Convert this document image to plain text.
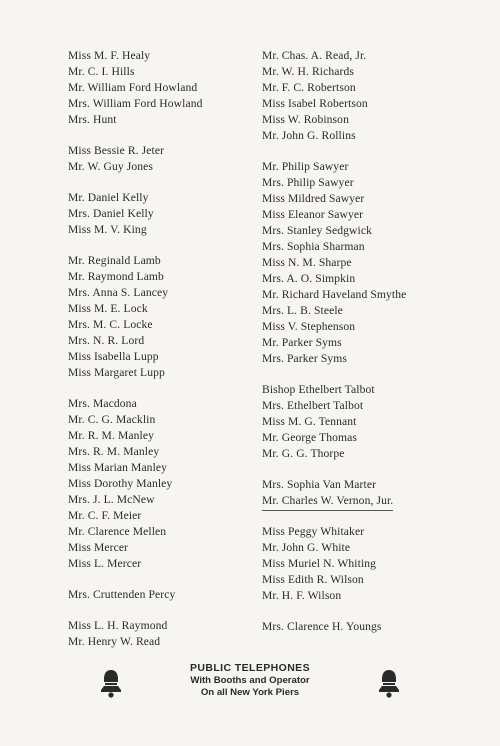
Miss M. F. Healy
Mr. C. I. Hills
Mr. William Ford Howland
Mrs. William Ford Howland
Mrs. Hunt
Miss Bessie R. Jeter
Mr. W. Guy Jones
Mr. Daniel Kelly
Mrs. Daniel Kelly
Miss M. V. King
Mr. Reginald Lamb
Mr. Raymond Lamb
Mrs. Anna S. Lancey
Miss M. E. Lock
Mrs. M. C. Locke
Mrs. N. R. Lord
Miss Isabella Lupp
Miss Margaret Lupp
Mrs. Macdona
Mr. C. G. Macklin
Mr. R. M. Manley
Mrs. R. M. Manley
Miss Marian Manley
Miss Dorothy Manley
Mrs. J. L. McNew
Mr. C. F. Meier
Mr. Clarence Mellen
Miss Mercer
Miss L. Mercer
Mrs. Cruttenden Percy
Miss L. H. Raymond
Mr. Henry W. Read
Mr. Chas. A. Read, Jr.
Mr. W. H. Richards
Mr. F. C. Robertson
Miss Isabel Robertson
Miss W. Robinson
Mr. John G. Rollins
Mr. Philip Sawyer
Mrs. Philip Sawyer
Miss Mildred Sawyer
Miss Eleanor Sawyer
Mrs. Stanley Sedgwick
Mrs. Sophia Sharman
Miss N. M. Sharpe
Mrs. A. O. Simpkin
Mr. Richard Haveland Smythe
Mrs. L. B. Steele
Miss V. Stephenson
Mr. Parker Syms
Mrs. Parker Syms
Bishop Ethelbert Talbot
Mrs. Ethelbert Talbot
Miss M. G. Tennant
Mr. George Thomas
Mr. G. G. Thorpe
Mrs. Sophia Van Marter
Mr. Charles W. Vernon, Jur.
Miss Peggy Whitaker
Mr. John G. White
Miss Muriel N. Whiting
Miss Edith R. Wilson
Mr. H. F. Wilson
Mrs. Clarence H. Youngs
PUBLIC TELEPHONES
With Booths and Operator
On all New York Piers
